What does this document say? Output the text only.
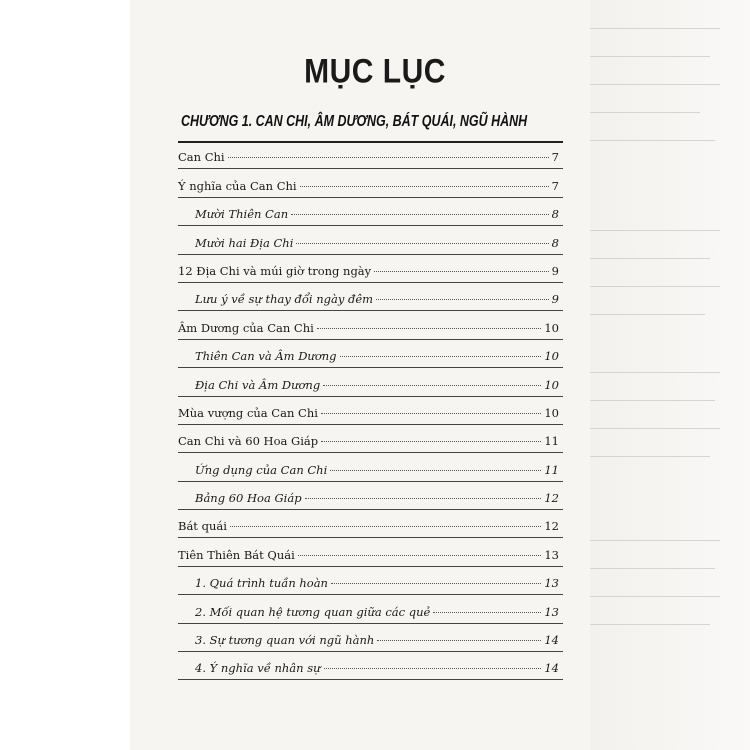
MỤC LỤC
CHƯƠNG 1. CAN CHI, ÂM DƯƠNG, BÁT QUÁI, NGŨ HÀNH
Can Chi	7
Ý nghĩa của Can Chi	7
Mười Thiên Can	8
Mười hai Địa Chi	8
12 Địa Chi và múi giờ trong ngày	9
Lưu ý về sự thay đổi ngày đêm	9
Âm Dương của Can Chi	10
Thiên Can và Âm Dương	10
Địa Chi và Âm Dương	10
Mùa vượng của Can Chi	10
Can Chi và 60 Hoa Giáp	11
Ứng dụng của Can Chi	11
Bảng 60 Hoa Giáp	12
Bát quái	12
Tiên Thiên Bát Quái	13
1. Quá trình tuần hoàn	13
2. Mối quan hệ tương quan giữa các quẻ	13
3. Sự tương quan với ngũ hành	14
4. Ý nghĩa về nhân sự	14
